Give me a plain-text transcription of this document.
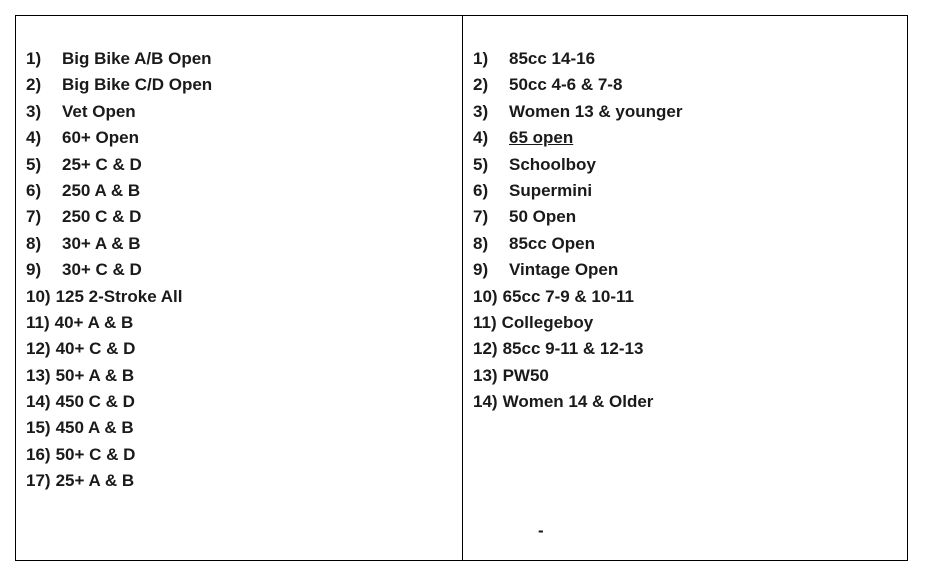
1)	Big Bike A/B Open
2)	Big Bike C/D Open
3)	Vet Open
4)	60+ Open
5)	25+ C & D
6)	250 A & B
7)	250 C & D
8)	30+ A & B
9)	30+ C & D
10) 125 2-Stroke All
11) 40+ A & B
12) 40+ C & D
13) 50+ A & B
14) 450 C & D
15) 450 A & B
16) 50+ C & D
17) 25+ A & B
1)	85cc 14-16
2)	50cc 4-6 & 7-8
3)	Women 13 & younger
4)	65 open
5)	Schoolboy
6)	Supermini
7)	50 Open
8)	85cc Open
9)	Vintage Open
10) 65cc 7-9 & 10-11
11) Collegeboy
12) 85cc 9-11 & 12-13
13) PW50
14) Women 14 & Older
-
